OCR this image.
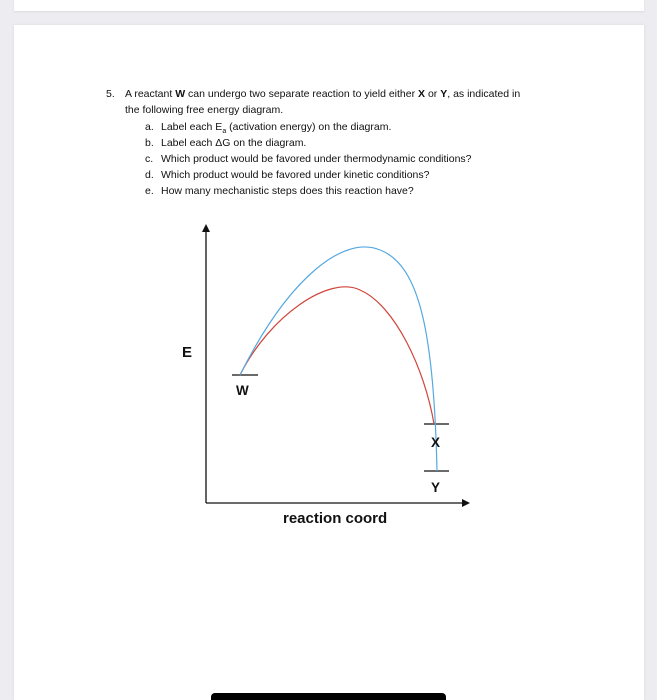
5. A reactant W can undergo two separate reaction to yield either X or Y, as indicated in
the following free energy diagram.
a. Label each $E_a$ (activation energy) on the diagram.
b. Label each ΔG on the diagram.
c. Which product would be favored under thermodynamic conditions?
d. Which product would be favored under kinetic conditions?
e. How many mechanistic steps does this reaction have?
E
W
X
Y
reaction coord
